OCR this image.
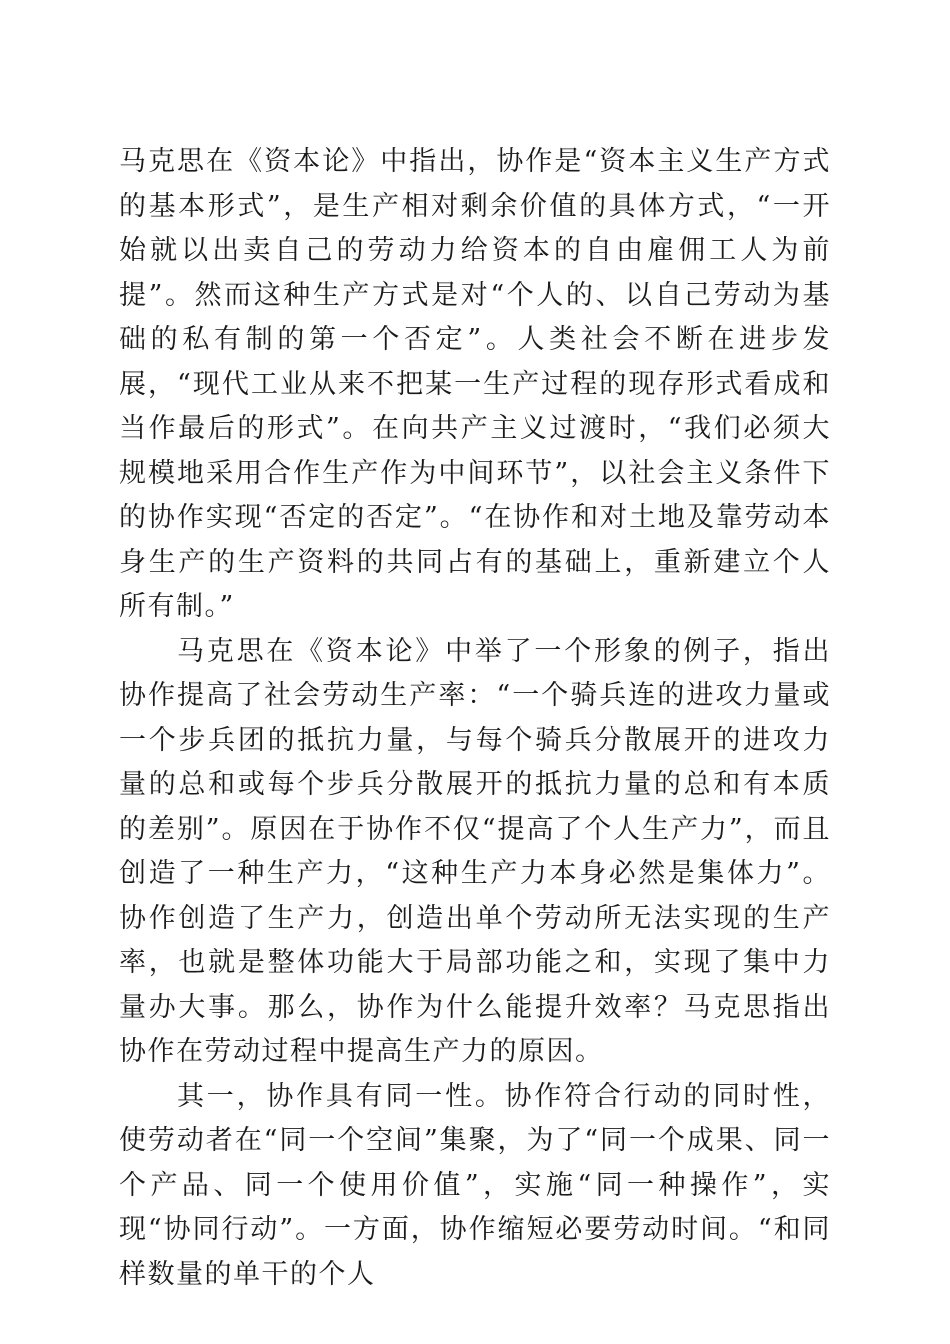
马克思在《资本论》中指出，协作是“资本主义生产方式的基本形式”，是生产相对剩余价值的具体方式，“一开始就以出卖自己的劳动力给资本的自由雇佣工人为前提”。然而这种生产方式是对“个人的、以自己劳动为基础的私有制的第一个否定”。人类社会不断在进步发展，“现代工业从来不把某一生产过程的现存形式看成和当作最后的形式”。在向共产主义过渡时，“我们必须大规模地采用合作生产作为中间环节”，以社会主义条件下的协作实现“否定的否定”。“在协作和对土地及靠劳动本身生产的生产资料的共同占有的基础上，重新建立个人所有制。”

马克思在《资本论》中举了一个形象的例子，指出协作提高了社会劳动生产率：“一个骑兵连的进攻力量或一个步兵团的抵抗力量，与每个骑兵分散展开的进攻力量的总和或每个步兵分散展开的抵抗力量的总和有本质的差别”。原因在于协作不仅“提高了个人生产力”，而且创造了一种生产力，“这种生产力本身必然是集体力”。协作创造了生产力，创造出单个劳动所无法实现的生产率，也就是整体功能大于局部功能之和，实现了集中力量办大事。那么，协作为什么能提升效率？马克思指出协作在劳动过程中提高生产力的原因。

其一，协作具有同一性。协作符合行动的同时性，使劳动者在“同一个空间”集聚，为了“同一个成果、同一个产品、同一个使用价值”，实施“同一种操作”，实现“协同行动”。一方面，协作缩短必要劳动时间。“和同样数量的单干的个人
